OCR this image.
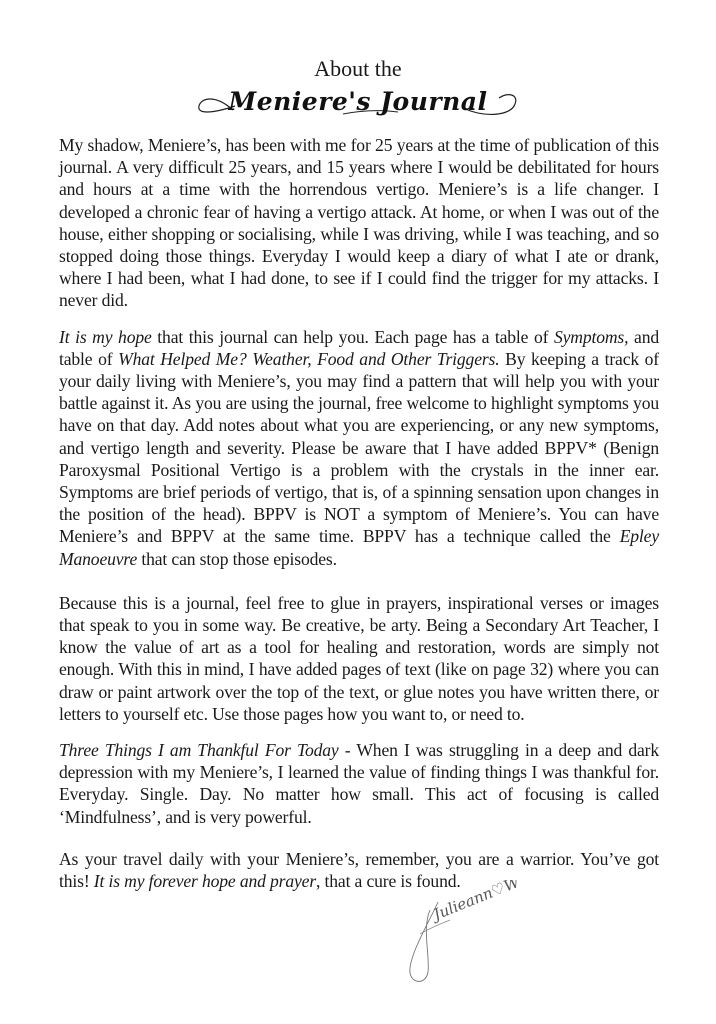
About the
Meniere's Journal

My shadow, Meniere’s, has been with me for 25 years at the time of publication of this journal. A very difficult 25 years, and 15 years where I would be debilitated for hours and hours at a time with the horrendous vertigo. Meniere’s is a life changer. I developed a chronic fear of having a vertigo attack. At home, or when I was out of the house, either shopping or socialising, while I was driving, while I was teaching, and so stopped doing those things. Everyday I would keep a diary of what I ate or drank, where I had been, what I had done, to see if I could find the trigger for my attacks. I never did.

It is my hope that this journal can help you. Each page has a table of Symptoms, and table of What Helped Me? Weather, Food and Other Triggers. By keeping a track of your daily living with Meniere’s, you may find a pattern that will help you with your battle against it. As you are using the journal, free welcome to highlight symptoms you have on that day. Add notes about what you are experiencing, or any new symptoms, and vertigo length and severity. Please be aware that I have added BPPV* (Benign Paroxysmal Positional Vertigo is a problem with the crystals in the inner ear. Symptoms are brief periods of vertigo, that is, of a spinning sensation upon changes in the position of the head). BPPV is NOT a symptom of Meniere’s. You can have Meniere’s and BPPV at the same time. BPPV has a technique called the Epley Manoeuvre that can stop those episodes.

Because this is a journal, feel free to glue in prayers, inspirational verses or images that speak to you in some way. Be creative, be arty. Being a Secondary Art Teacher, I know the value of art as a tool for healing and restoration, words are simply not enough. With this in mind, I have added pages of text (like on page 32) where you can draw or paint artwork over the top of the text, or glue notes you have written there, or letters to yourself etc. Use those pages how you want to, or need to.

Three Things I am Thankful For Today - When I was struggling in a deep and dark depression with my Meniere’s, I learned the value of finding things I was thankful for. Everyday. Single. Day. No matter how small. This act of focusing is called ‘Mindfulness’, and is very powerful.

As your travel daily with your Meniere’s, remember, you are a warrior. You’ve got this! It is my forever hope and prayer, that a cure is found.

Julieann♡W
